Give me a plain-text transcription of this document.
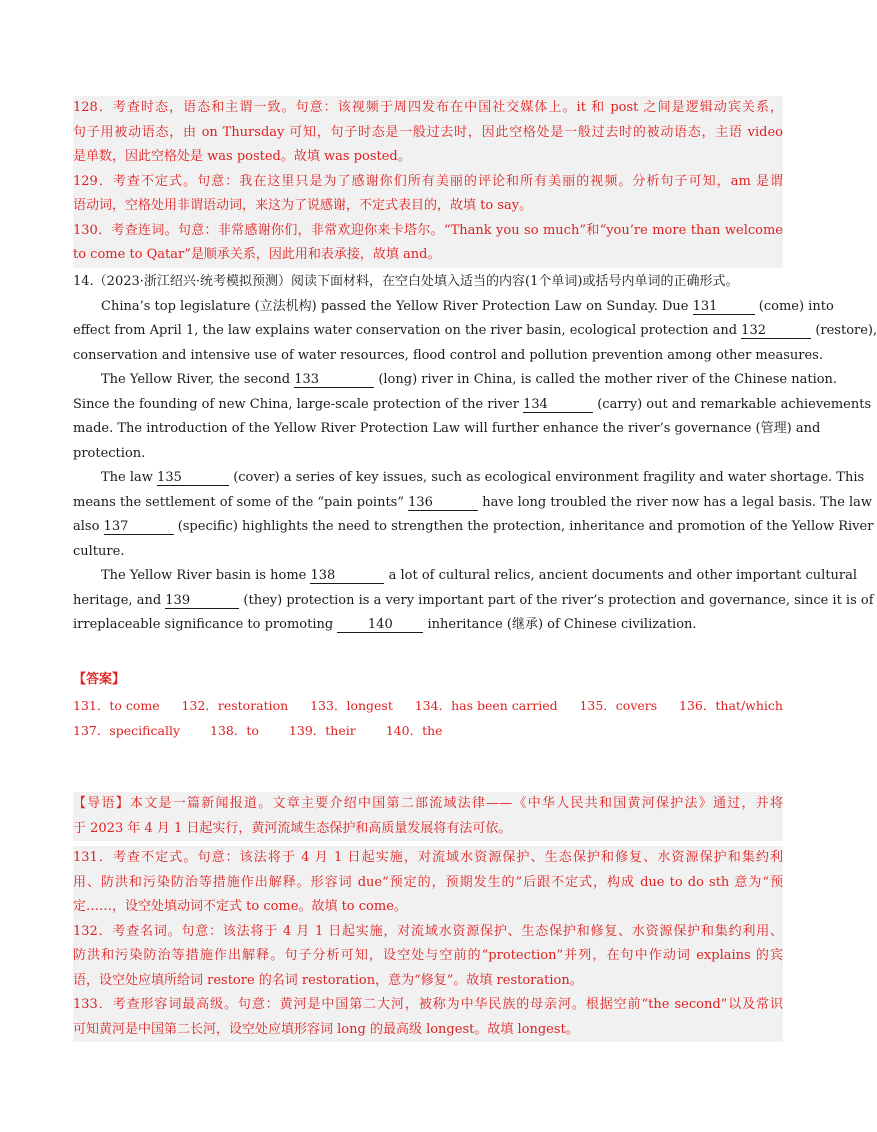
128．考查时态，语态和主谓一致。句意：该视频于周四发布在中国社交媒体上。it 和 post 之间是逻辑动宾关系，
句子用被动语态，由 on Thursday 可知，句子时态是一般过去时，因此空格处是一般过去时的被动语态，主语 video
是单数，因此空格处是 was posted。故填 was posted。
129．考查不定式。句意：我在这里只是为了感谢你们所有美丽的评论和所有美丽的视频。分析句子可知，am 是谓
语动词，空格处用非谓语动词，来这为了说感谢，不定式表目的，故填 to say。
130．考查连词。句意：非常感谢你们，非常欢迎你来卡塔尔。“Thank you so much”和“you’re more than welcome
to come to Qatar”是顺承关系，因此用和表承接，故填 and。
14.（2023·浙江绍兴·统考模拟预测）阅读下面材料，在空白处填入适当的内容(1个单词)或括号内单词的正确形式。
China’s top legislature (立法机构) passed the Yellow River Protection Law on Sunday. Due 131	(come) into
effect from April 1, the law explains water conservation on the river basin, ecological protection and 132	(restore),
conservation and intensive use of water resources, flood control and pollution prevention among other measures.
The Yellow River, the second 133	(long) river in China, is called the mother river of the Chinese nation.
Since the founding of new China, large-scale protection of the river 134	(carry) out and remarkable achievements
made. The introduction of the Yellow River Protection Law will further enhance the river’s governance (管理) and
protection.
The law 135	(cover) a series of key issues, such as ecological environment fragility and water shortage. This
means the settlement of some of the “pain points” 136	have long troubled the river now has a legal basis. The law
also 137	(specific) highlights the need to strengthen the protection, inheritance and promotion of the Yellow River
culture.
The Yellow River basin is home 138	a lot of cultural relics, ancient documents and other important cultural
heritage, and 139	(they) protection is a very important part of the river’s protection and governance, since it is of
irreplaceable significance to promoting	140	inheritance (继承) of Chinese civilization.
【答案】
131．to come 132．restoration 133．longest 134．has been carried 135．covers 136．that/which
137．specifically 138．to 139．their 140．the
【导语】本文是一篇新闻报道。文章主要介绍中国第二部流域法律——《中华人民共和国黄河保护法》通过，并将
于 2023 年 4 月 1 日起实行，黄河流域生态保护和高质量发展将有法可依。
131．考查不定式。句意：该法将于 4 月 1 日起实施，对流域水资源保护、生态保护和修复、水资源保护和集约利
用、防洪和污染防治等措施作出解释。形容词 due“预定的，预期发生的”后跟不定式，构成 due to do sth 意为“预
定……，设空处填动词不定式 to come。故填 to come。
132．考查名词。句意：该法将于 4 月 1 日起实施，对流域水资源保护、生态保护和修复、水资源保护和集约利用、
防洪和污染防治等措施作出解释。句子分析可知，设空处与空前的“protection”并列，在句中作动词 explains 的宾
语，设空处应填所给词 restore 的名词 restoration，意为“修复”。故填 restoration。
133．考查形容词最高级。句意：黄河是中国第二大河，被称为中华民族的母亲河。根据空前“the second”以及常识
可知黄河是中国第二长河，设空处应填形容词 long 的最高级 longest。故填 longest。
